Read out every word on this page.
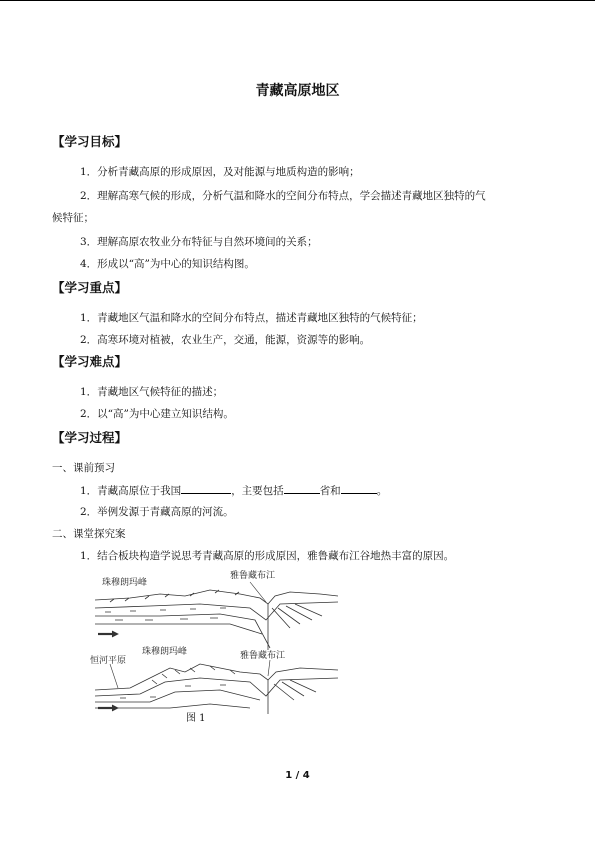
青藏高原地区
【学习目标】
1．分析青藏高原的形成原因，及对能源与地质构造的影响；
2．理解高寒气候的形成，分析气温和降水的空间分布特点，学会描述青藏地区独特的气
候特征；
3．理解高原农牧业分布特征与自然环境间的关系；
4．形成以“高”为中心的知识结构图。
【学习重点】
1．青藏地区气温和降水的空间分布特点，描述青藏地区独特的气候特征；
2．高寒环境对植被，农业生产，交通，能源，资源等的影响。
【学习难点】
1．青藏地区气候特征的描述；
2．以“高”为中心建立知识结构。
【学习过程】
一、课前预习
1．青藏高原位于我国	，主要包括	省和	。
2．举例发源于青藏高原的河流。
二、课堂探究案
1．结合板块构造学说思考青藏高原的形成原因，雅鲁藏布江谷地热丰富的原因。
珠穆朗玛峰
雅鲁藏布江
恒河平原
珠穆朗玛峰	雅鲁藏布江
图 1
1 / 4
